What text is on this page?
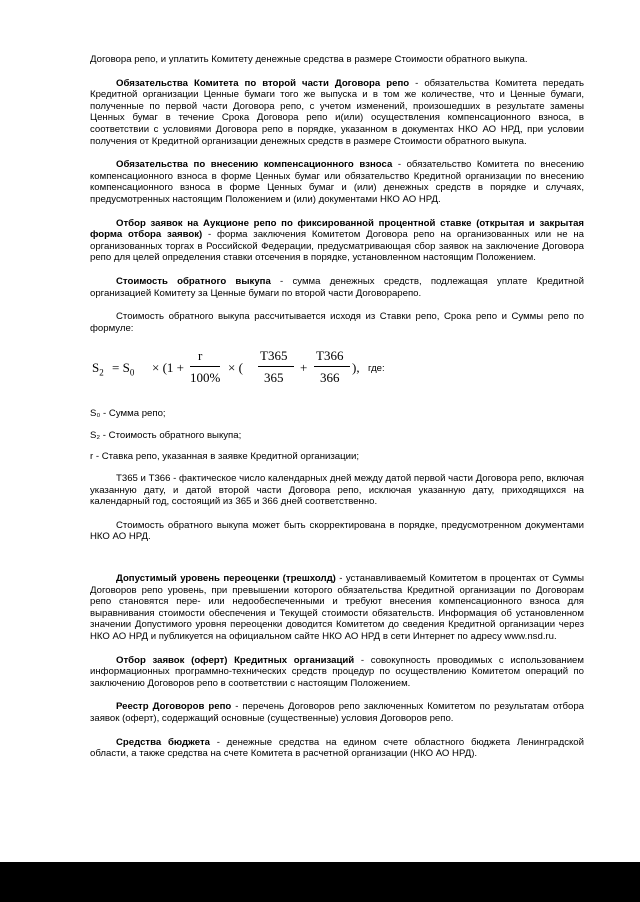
Договора репо, и уплатить Комитету денежные средства в размере Стоимости обратного выкупа.

Обязательства Комитета по второй части Договора репо - обязательства Комитета передать Кредитной организации Ценные бумаги того же выпуска и в том же количестве, что и Ценные бумаги, полученные по первой части Договора репо, с учетом изменений, произошедших в результате замены Ценных бумаг в течение Срока Договора репо и(или) осуществления компенсационного взноса, в соответствии с условиями Договора репо в порядке, указанном в документах НКО АО НРД, при условии получения от Кредитной организации денежных средств в размере Стоимости обратного выкупа.

Обязательства по внесению компенсационного взноса - обязательство Комитета по внесению компенсационного взноса в форме Ценных бумаг или обязательство Кредитной организации по внесению компенсационного взноса в форме Ценных бумаг и (или) денежных средств в порядке и случаях, предусмотренных настоящим Положением и (или) документами НКО АО НРД.

Отбор заявок на Аукционе репо по фиксированной процентной ставке (открытая и закрытая форма отбора заявок) - форма заключения Комитетом Договора репо на организованных или не на организованных торгах в Российской Федерации, предусматривающая сбор заявок на заключение Договора репо для целей определения ставки отсечения в порядке, установленном настоящим Положением.

Стоимость обратного выкупа - сумма денежных средств, подлежащая уплате Кредитной организацией Комитету за Ценные бумаги по второй части Договорарепо.

Стоимость обратного выкупа рассчитывается исходя из Ставки репо, Срока репо и Суммы репо по формуле:

$S_2 = S_0 \times (1$ +
r
100%
× (
T365
365
+
T366
366
), где:

S₀ - Сумма репо;

S₂ - Стоимость обратного выкупа;

r - Ставка репо, указанная в заявке Кредитной организации;

Т365 и Т366 - фактическое число календарных дней между датой первой части Договора репо, включая указанную дату, и датой второй части Договора репо, исключая указанную дату, приходящихся на календарный год, состоящий из 365 и 366 дней соответственно.

Стоимость обратного выкупа может быть скорректирована в порядке, предусмотренном документами НКО АО НРД.

Допустимый уровень переоценки (трешхолд) - устанавливаемый Комитетом в процентах от Суммы Договоров репо уровень, при превышении которого обязательства Кредитной организации по Договорам репо становятся пере- или недообеспеченными и требуют внесения компенсационного взноса для выравнивания стоимости обеспечения и Текущей стоимости обязательств. Информация об установленном значении Допустимого уровня переоценки доводится Комитетом до сведения Кредитной организации через НКО АО НРД и публикуется на официальном сайте НКО АО НРД в сети Интернет по адресу www.nsd.ru.

Отбор заявок (оферт) Кредитных организаций - совокупность проводимых с использованием информационных программно-технических средств процедур по осуществлению Комитетом операций по заключению Договоров репо в соответствии с настоящим Положением.

Реестр Договоров репо - перечень Договоров репо заключенных Комитетом по результатам отбора заявок (оферт), содержащий основные (существенные) условия Договоров репо.

Средства бюджета - денежные средства на едином счете областного бюджета Ленинградской области, а также средства на счете Комитета в расчетной организации (НКО АО НРД).
